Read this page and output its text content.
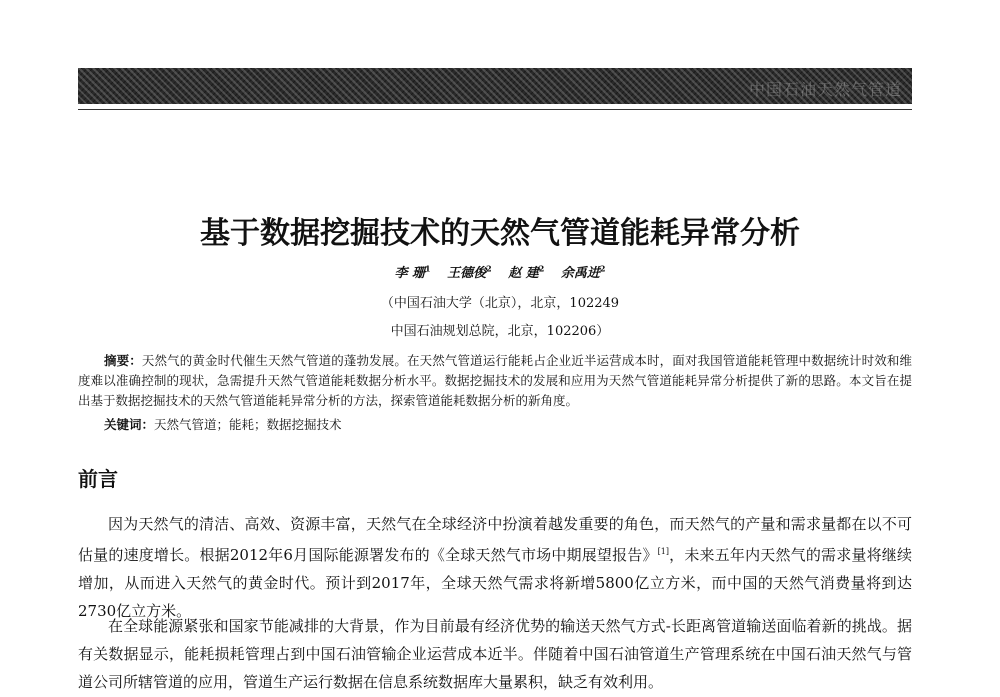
中国石油天然气管道
基于数据挖掘技术的天然气管道能耗异常分析
李 珊$^1$ 王德俊$^2$ 赵 建$^2$ 余禹进$^2$
（中国石油大学（北京），北京，102249
中国石油规划总院，北京，102206）

摘要：天然气的黄金时代催生天然气管道的蓬勃发展。在天然气管道运行能耗占企业近半运营成本时，面对我国管道能耗管理中数据统计时效和维度难以准确控制的现状，急需提升天然气管道能耗数据分析水平。数据挖掘技术的发展和应用为天然气管道能耗异常分析提供了新的思路。本文旨在提出基于数据挖掘技术的天然气管道能耗异常分析的方法，探索管道能耗数据分析的新角度。

关键词：天然气管道；能耗；数据挖掘技术
前言

因为天然气的清洁、高效、资源丰富，天然气在全球经济中扮演着越发重要的角色，而天然气的产量和需求量都在以不可估量的速度增长。根据2012年6月国际能源署发布的《全球天然气市场中期展望报告》[1]，未来五年内天然气的需求量将继续增加，从而进入天然气的黄金时代。预计到2017年，全球天然气需求将新增5800亿立方米，而中国的天然气消费量将到达2730亿立方米。

在全球能源紧张和国家节能减排的大背景，作为目前最有经济优势的输送天然气方式-长距离管道输送面临着新的挑战。据有关数据显示，能耗损耗管理占到中国石油管输企业运营成本近半。伴随着中国石油管道生产管理系统在中国石油天然气与管道公司所辖管道的应用，管道生产运行数据在信息系统数据库大量累积，缺乏有效利用。
